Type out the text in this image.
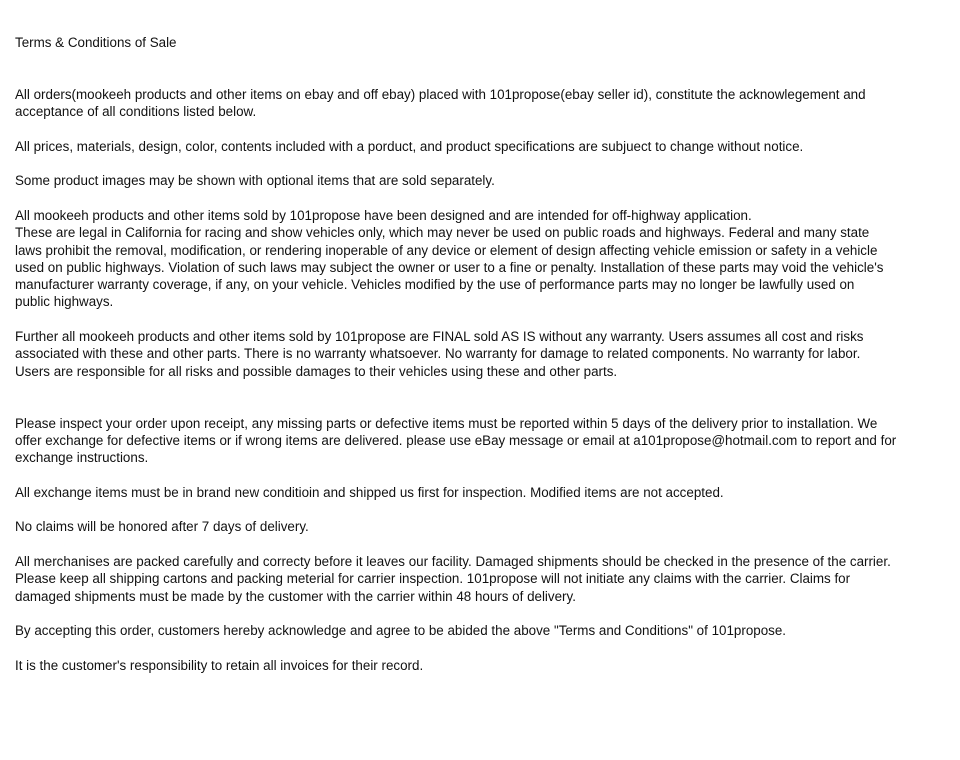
Terms & Conditions of Sale
All orders(mookeeh products and other items on ebay and off ebay) placed with 101propose(ebay seller id), constitute the acknowlegement and
acceptance of all conditions listed below.
All prices, materials, design, color, contents included with a porduct, and product specifications are subjuect to change without notice.
Some product images may be shown with optional items that are sold separately.
All mookeeh products and other items sold by 101propose have been designed and are intended for off-highway application.
These are legal in California for racing and show vehicles only, which may never be used on public roads and highways. Federal and many state
laws prohibit the removal, modification, or rendering inoperable of any device or element of design affecting vehicle emission or safety in a vehicle
used on public highways. Violation of such laws may subject the owner or user to a fine or penalty. Installation of these parts may void the vehicle's
manufacturer warranty coverage, if any, on your vehicle. Vehicles modified by the use of performance parts may no longer be lawfully used on
public highways.
Further all mookeeh products and other items sold by 101propose are FINAL sold AS IS without any warranty. Users assumes all cost and risks
associated with these and other parts. There is no warranty whatsoever. No warranty for damage to related components. No warranty for labor.
Users are responsible for all risks and possible damages to their vehicles using these and other parts.
Please inspect your order upon receipt, any missing parts or defective items must be reported within 5 days of the delivery prior to installation. We
offer exchange for defective items or if wrong items are delivered. please use eBay message or email at a101propose@hotmail.com to report and for
exchange instructions.
All exchange items must be in brand new conditioin and shipped us first for inspection. Modified items are not accepted.
No claims will be honored after 7 days of delivery.
All merchanises are packed carefully and correcty before it leaves our facility. Damaged shipments should be checked in the presence of the carrier.
Please keep all shipping cartons and packing meterial for carrier inspection. 101propose will not initiate any claims with the carrier. Claims for
damaged shipments must be made by the customer with the carrier within 48 hours of delivery.
By accepting this order, customers hereby acknowledge and agree to be abided the above "Terms and Conditions" of 101propose.
It is the customer's responsibility to retain all invoices for their record.
